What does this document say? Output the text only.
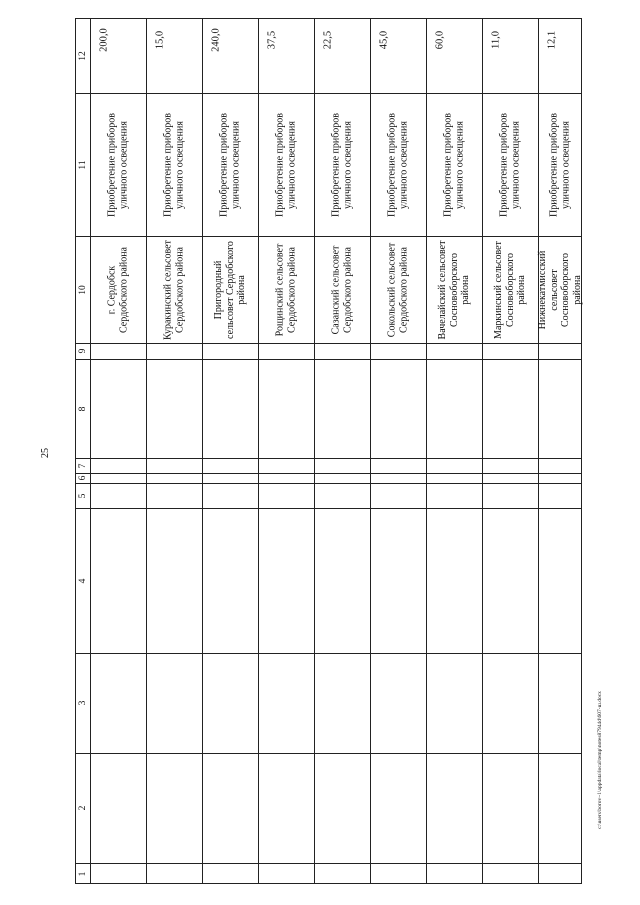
25
c:\users\borov~1\appdata\local\temp\notes87944d\607-ш.docx
1
2
3
4
5
6
7
8
9
10
11
12
г. Сердобск Сердобского района
Приобретение приборов уличного освещения
200,0
Куракинский сельсовет Сердобского района
Приобретение приборов уличного освещения
15,0
Пригородный сельсовет Сердобского района
Приобретение приборов уличного освещения
240,0
Рощинский сельсовет Сердобского района
Приобретение приборов уличного освещения
37,5
Сазанский сельсовет Сердобского района
Приобретение приборов уличного освещения
22,5
Сокольский сельсовет Сердобского района
Приобретение приборов уличного освещения
45,0
Вачелайский сельсовет Сосновоборского района
Приобретение приборов уличного освещения
60,0
Маркинский сельсовет Сосновоборского района
Приобретение приборов уличного освещения
11,0
Нижнекатмисский сельсовет Сосновоборского района
Приобретение приборов уличного освещения
12,1
